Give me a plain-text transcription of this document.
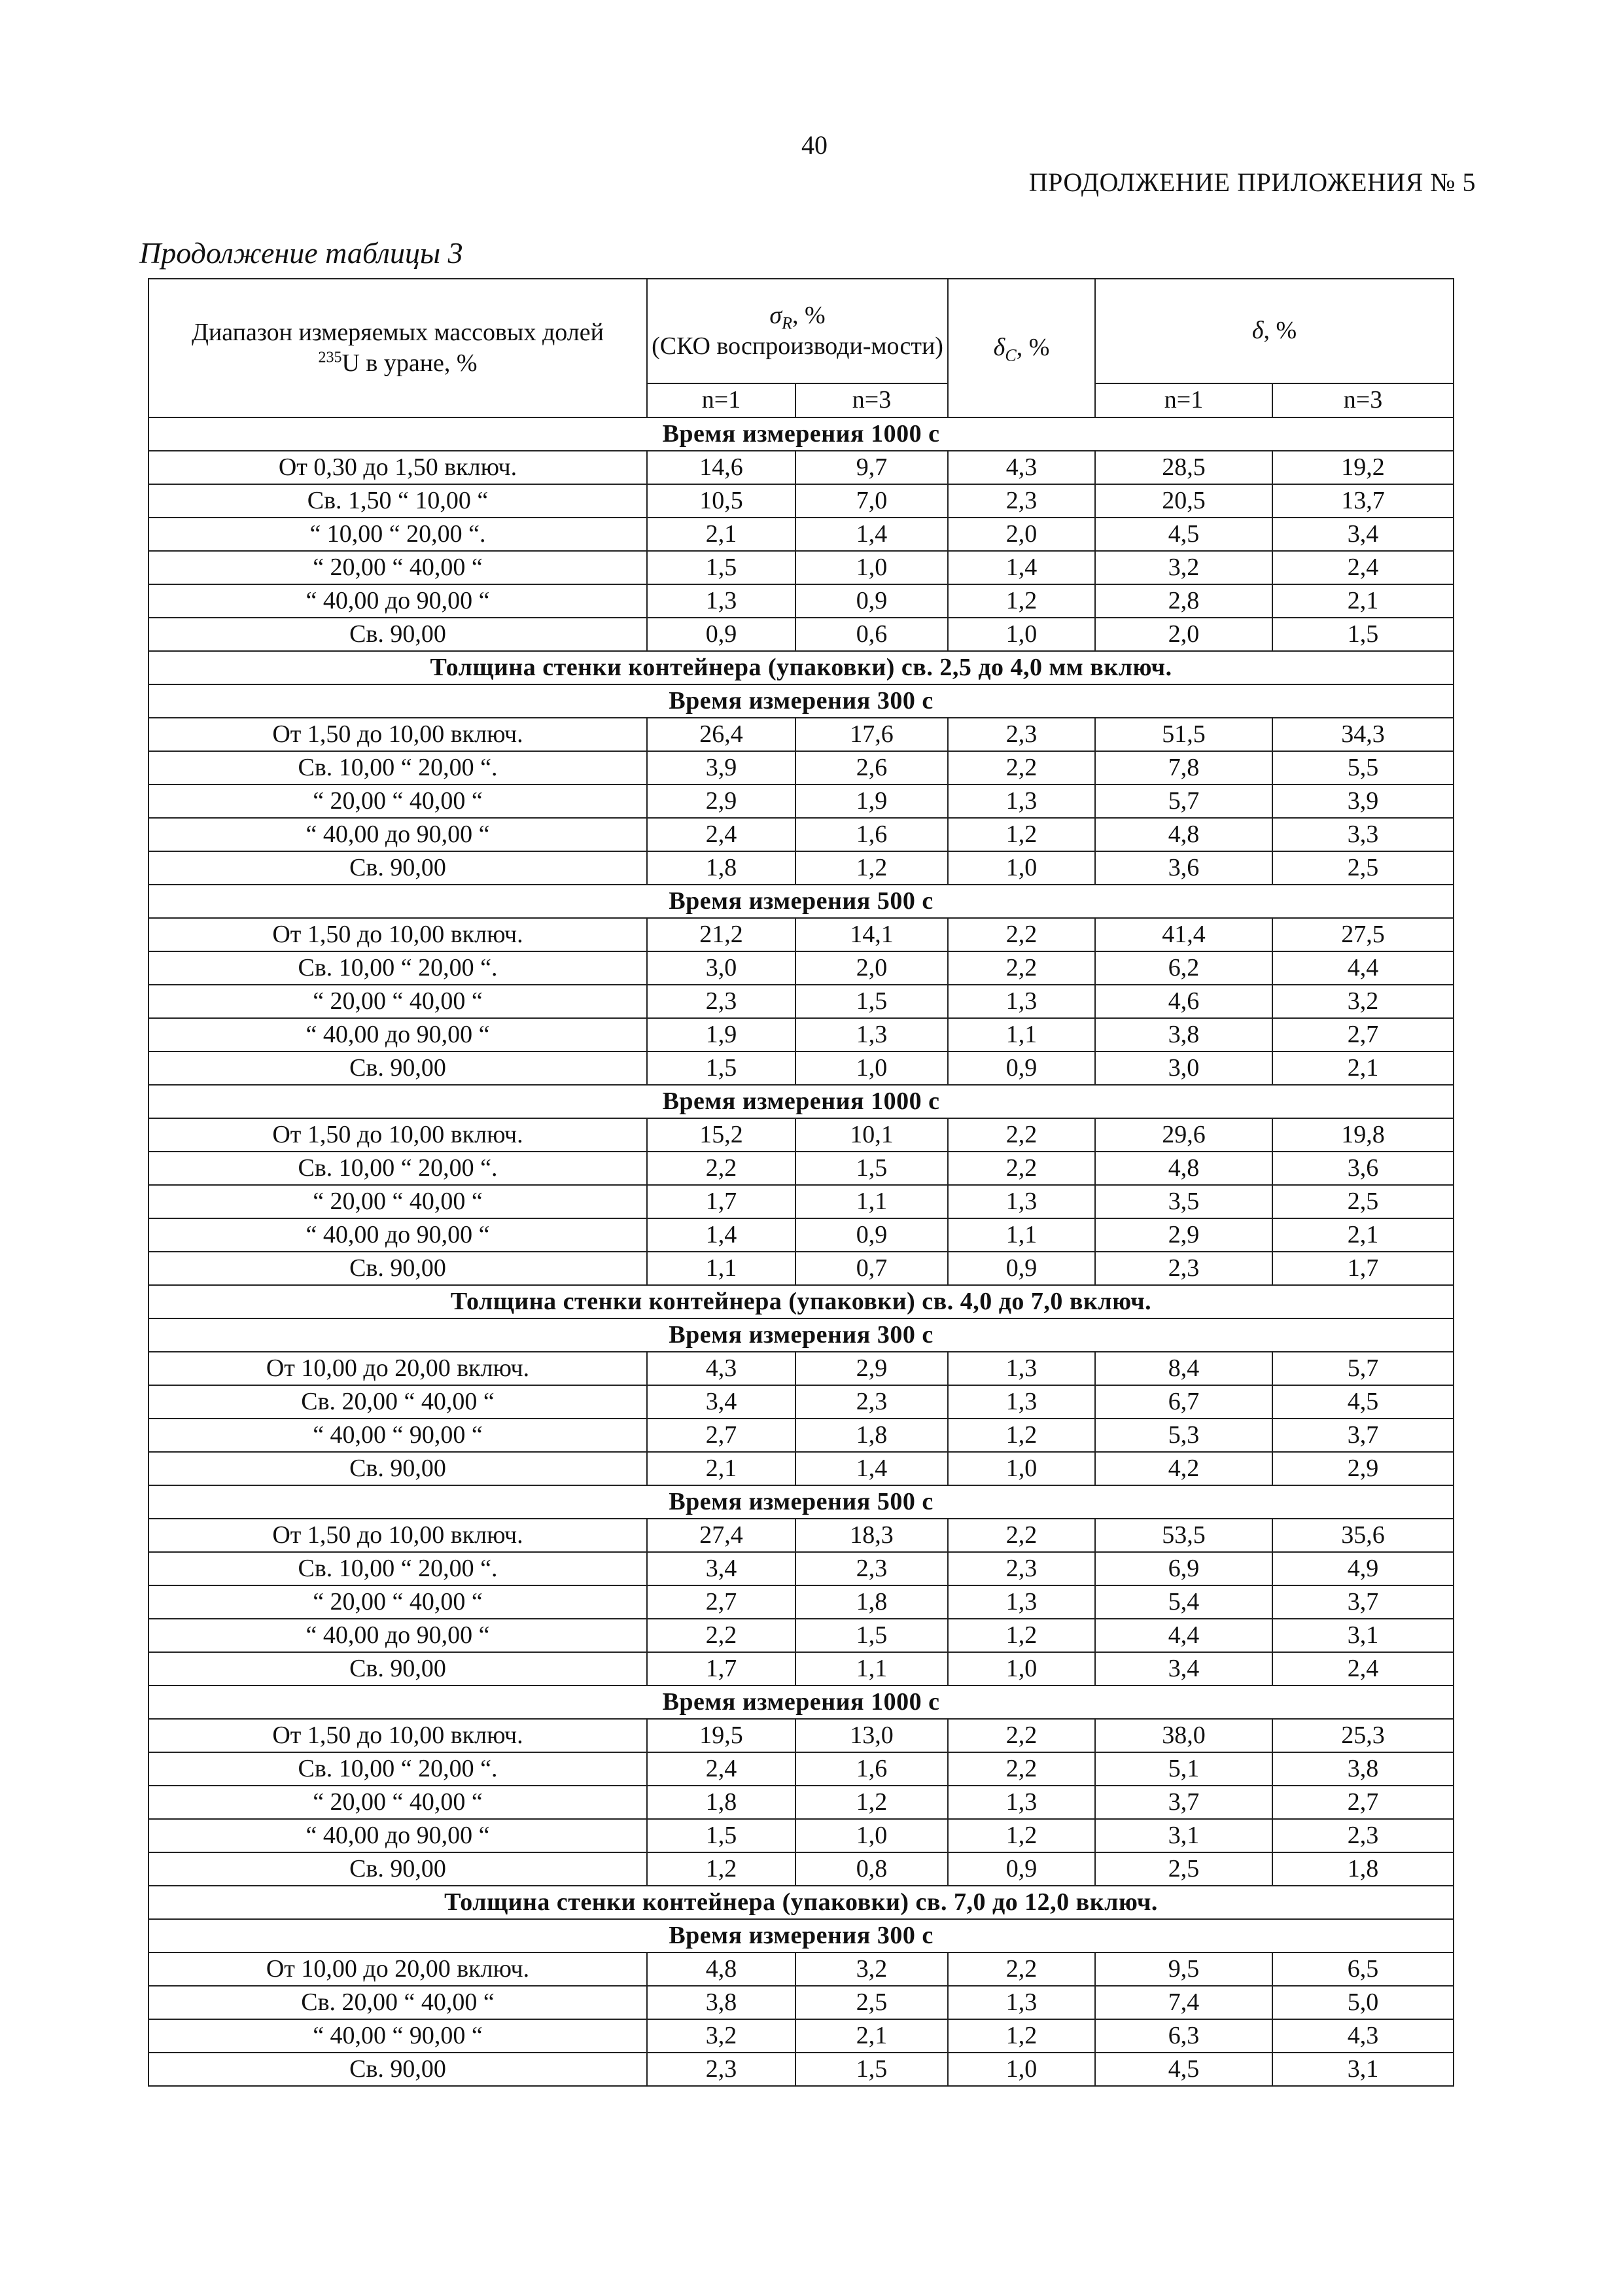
40
ПРОДОЛЖЕНИЕ ПРИЛОЖЕНИЯ № 5
Продолжение таблицы 3
Диапазон измеряемых массовых долей
$^{235}$U в уране, %	$\sigma_R$, %
(СКО воспроизводи-мости)		$\delta_C$, %	δ, %	
	n=1	n=3		n=1	n=3
Время измерения 1000 с					
От 0,30 до 1,50 включ.	14,6	9,7	4,3	28,5	19,2
Св. 1,50 “ 10,00 “	10,5	7,0	2,3	20,5	13,7
“ 10,00 “ 20,00 “.	2,1	1,4	2,0	4,5	3,4
“ 20,00 “ 40,00 “	1,5	1,0	1,4	3,2	2,4
“ 40,00 до 90,00 “	1,3	0,9	1,2	2,8	2,1
Св. 90,00	0,9	0,6	1,0	2,0	1,5
Толщина стенки контейнера (упаковки) св. 2,5 до 4,0 мм включ.					
Время измерения 300 с					
От 1,50 до 10,00 включ.	26,4	17,6	2,3	51,5	34,3
Св. 10,00 “ 20,00 “.	3,9	2,6	2,2	7,8	5,5
“ 20,00 “ 40,00 “	2,9	1,9	1,3	5,7	3,9
“ 40,00 до 90,00 “	2,4	1,6	1,2	4,8	3,3
Св. 90,00	1,8	1,2	1,0	3,6	2,5
Время измерения 500 с					
От 1,50 до 10,00 включ.	21,2	14,1	2,2	41,4	27,5
Св. 10,00 “ 20,00 “.	3,0	2,0	2,2	6,2	4,4
“ 20,00 “ 40,00 “	2,3	1,5	1,3	4,6	3,2
“ 40,00 до 90,00 “	1,9	1,3	1,1	3,8	2,7
Св. 90,00	1,5	1,0	0,9	3,0	2,1
Время измерения 1000 с					
От 1,50 до 10,00 включ.	15,2	10,1	2,2	29,6	19,8
Св. 10,00 “ 20,00 “.	2,2	1,5	2,2	4,8	3,6
“ 20,00 “ 40,00 “	1,7	1,1	1,3	3,5	2,5
“ 40,00 до 90,00 “	1,4	0,9	1,1	2,9	2,1
Св. 90,00	1,1	0,7	0,9	2,3	1,7
Толщина стенки контейнера (упаковки) св. 4,0 до 7,0 включ.					
Время измерения 300 с					
От 10,00 до 20,00 включ.	4,3	2,9	1,3	8,4	5,7
Св. 20,00 “ 40,00 “	3,4	2,3	1,3	6,7	4,5
“ 40,00 “ 90,00 “	2,7	1,8	1,2	5,3	3,7
Св. 90,00	2,1	1,4	1,0	4,2	2,9
Время измерения 500 с					
От 1,50 до 10,00 включ.	27,4	18,3	2,2	53,5	35,6
Св. 10,00 “ 20,00 “.	3,4	2,3	2,3	6,9	4,9
“ 20,00 “ 40,00 “	2,7	1,8	1,3	5,4	3,7
“ 40,00 до 90,00 “	2,2	1,5	1,2	4,4	3,1
Св. 90,00	1,7	1,1	1,0	3,4	2,4
Время измерения 1000 с					
От 1,50 до 10,00 включ.	19,5	13,0	2,2	38,0	25,3
Св. 10,00 “ 20,00 “.	2,4	1,6	2,2	5,1	3,8
“ 20,00 “ 40,00 “	1,8	1,2	1,3	3,7	2,7
“ 40,00 до 90,00 “	1,5	1,0	1,2	3,1	2,3
Св. 90,00	1,2	0,8	0,9	2,5	1,8
Толщина стенки контейнера (упаковки) св. 7,0 до 12,0 включ.					
Время измерения 300 с					
От 10,00 до 20,00 включ.	4,8	3,2	2,2	9,5	6,5
Св. 20,00 “ 40,00 “	3,8	2,5	1,3	7,4	5,0
“ 40,00 “ 90,00 “	3,2	2,1	1,2	6,3	4,3
Св. 90,00	2,3	1,5	1,0	4,5	3,1
